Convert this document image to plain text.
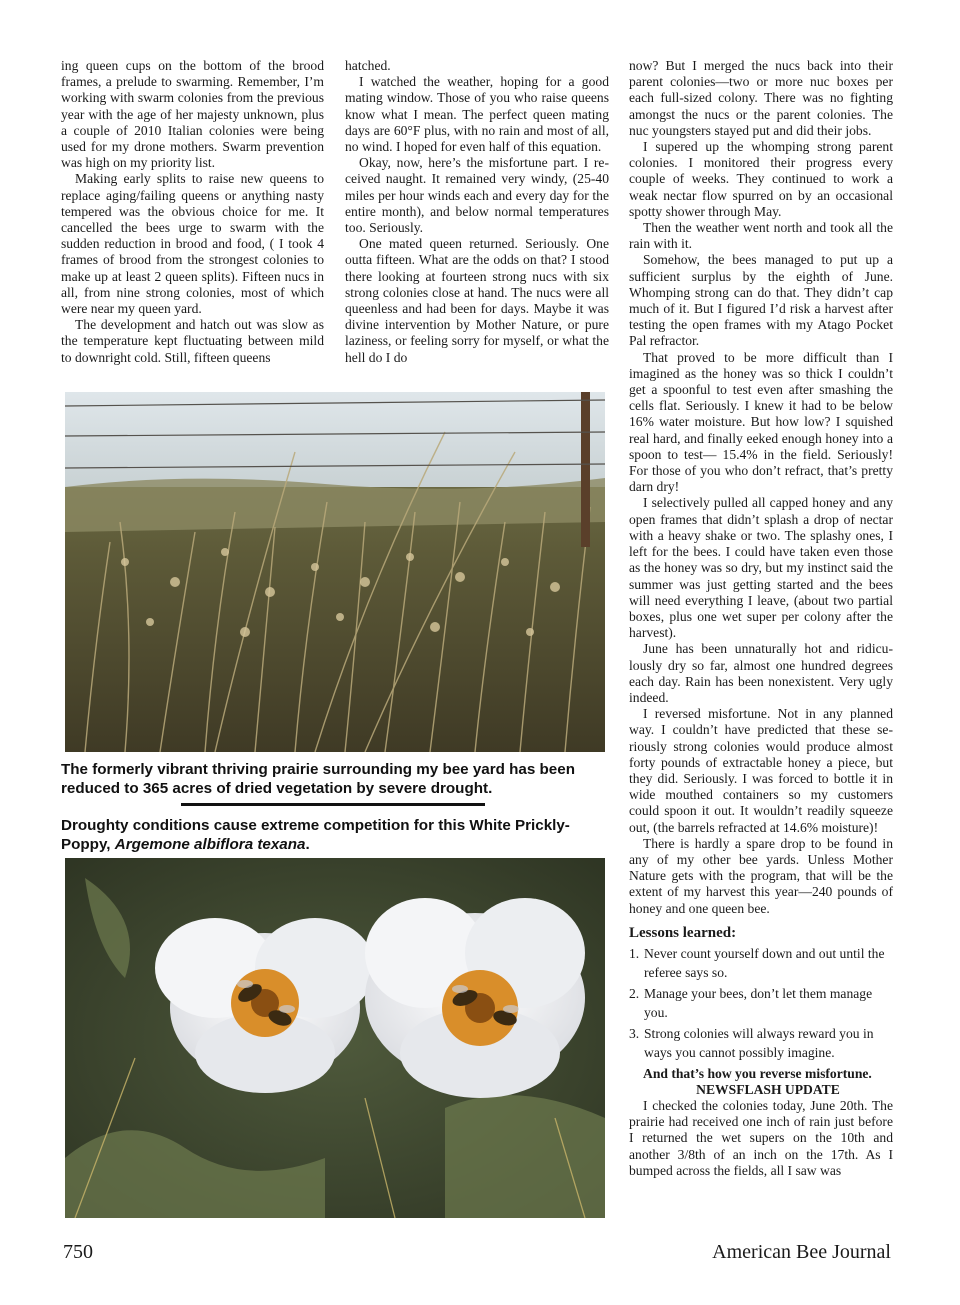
ing queen cups on the bottom of the brood frames, a prelude to swarming. Remember, I’m working with swarm colonies from the previous year with the age of her majesty unknown, plus a couple of 2010 Italian colonies were being used for my drone mothers. Swarm prevention was high on my priority list.

Making early splits to raise new queens to replace aging/failing queens or anything nasty tempered was the obvious choice for me. It cancelled the bees urge to swarm with the sudden reduction in brood and food, ( I took 4 frames of brood from the strongest colonies to make up at least 2 queen splits). Fifteen nucs in all, from nine strong colonies, most of which were near my queen yard.

The development and hatch out was slow as the temperature kept fluctuating between mild to downright cold. Still, fifteen queens

hatched.

I watched the weather, hoping for a good mating window. Those of you who raise queens know what I mean. The perfect queen mating days are 60°F plus, with no rain and most of all, no wind. I hoped for even half of this equation.

Okay, now, here’s the misfortune part. I received naught. It remained very windy, (25-40 miles per hour winds each and every day for the entire month), and below normal temperatures too. Seriously.

One mated queen returned. Seriously. One outta fifteen. What are the odds on that? I stood there looking at fourteen strong nucs with six strong colonies close at hand. The nucs were all queenless and had been for days. Maybe it was divine intervention by Mother Nature, or pure laziness, or feeling sorry for myself, or what the hell do I do

now? But I merged the nucs back into their parent colonies—two or more nuc boxes per each full-sized colony. There was no fighting amongst the nucs or the parent colonies. The nuc youngsters stayed put and did their jobs.

I supered up the whomping strong parent colonies. I monitored their progress every couple of weeks. They continued to work a weak nectar flow spurred on by an occasional spotty shower through May.

Then the weather went north and took all the rain with it.

Somehow, the bees managed to put up a sufficient surplus by the eighth of June. Whomping strong can do that. They didn’t cap much of it. But I figured I’d risk a harvest after testing the open frames with my Atago Pocket Pal refractor.

That proved to be more difficult than I imagined as the honey was so thick I couldn’t get a spoonful to test even after smashing the cells flat. Seriously. I knew it had to be below 16% water moisture. But how low? I squished real hard, and finally eeked enough honey into a spoon to test— 15.4% in the field. Seriously! For those of you who don’t refract, that’s pretty darn dry!

I selectively pulled all capped honey and any open frames that didn’t splash a drop of nectar with a heavy shake or two. The splashy ones, I left for the bees. I could have taken even those as the honey was so dry, but my instinct said the summer was just getting started and the bees will need everything I leave, (about two partial boxes, plus one wet super per colony after the harvest).

June has been unnaturally hot and ridiculously dry so far, almost one hundred degrees each day. Rain has been nonexistent. Very ugly indeed.

I reversed misfortune. Not in any planned way. I couldn’t have predicted that these seriously strong colonies would produce almost forty pounds of extractable honey a piece, but they did. Seriously. I was forced to bottle it in wide mouthed containers so my customers could spoon it out. It wouldn’t readily squeeze out, (the barrels refracted at 14.6% moisture)!

There is hardly a spare drop to be found in any of my other bee yards. Unless Mother Nature gets with the program, that will be the extent of my harvest this year—240 pounds of honey and one queen bee.

Lessons learned:
1. Never count yourself down and out until the referee says so.
2. Manage your bees, don’t let them manage you.
3. Strong colonies will always reward you in ways you cannot possibly imagine.

And that’s how you reverse misfortune.

NEWSFLASH UPDATE

I checked the colonies today, June 20th. The prairie had received one inch of rain just before I returned the wet supers on the 10th and another 3/8th of an inch on the 17th. As I bumped across the fields, all I saw was

The formerly vibrant thriving prairie surrounding my bee yard has been reduced to 365 acres of dried vegetation by severe drought.
Droughty conditions cause extreme competition for this White Prickly-Poppy, Argemone albiflora texana.
750	American Bee Journal
